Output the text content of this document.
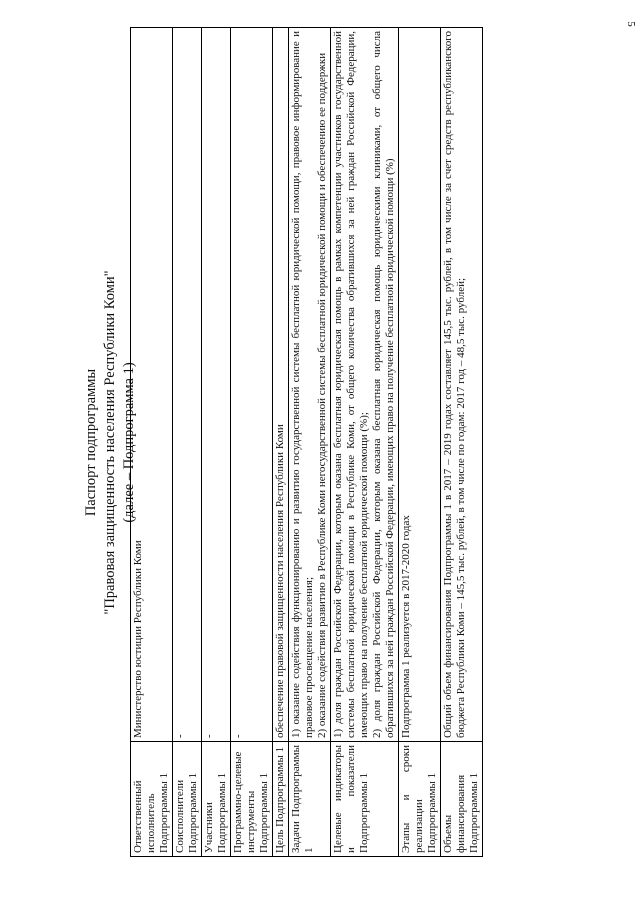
5
Паспорт подпрограммы "Правовая защищенность населения Республики Коми" (далее – Подпрограмма 1)
Ответственный исполнитель Подпрограммы 1	Министерство юстиции Республики Коми

Соисполнители Подпрограммы 1	-

Участники Подпрограммы 1	-

Программно-целевые инструменты Подпрограммы 1	-

Цель Подпрограммы 1	обеспечение правовой защищенности населения Республики Коми

Задачи Подпрограммы 1	1) оказание содействия функционированию и развитию государственной системы бесплатной юридической помощи, правовое информирование и правовое просвещение населения; 2) оказание содействия развитию в Республике Коми негосударственной системы бесплатной юридической помощи и обеспечению ее поддержки

Целевые индикаторы и показатели Подпрограммы 1	1) доля граждан Российской Федерации, которым оказана бесплатная юридическая помощь в рамках компетенции участников государственной системы бесплатной юридической помощи в Республике Коми, от общего количества обратившихся за ней граждан Российской Федерации, имеющих право на получение бесплатной юридической помощи (%); 2) доля граждан Российской Федерации, которым оказана бесплатная юридическая помощь юридическими клиниками, от общего числа обратившихся за ней граждан Российской Федерации, имеющих право на получение бесплатной юридической помощи (%)

Этапы и сроки реализации Подпрограммы 1	Подпрограмма 1 реализуется в 2017-2020 годах

Объемы финансирования Подпрограммы 1	Общий объем финансирования Подпрограммы 1 в 2017 – 2019 годах составляет 145,5 тыс. рублей, в том числе за счет средств республиканского бюджета Республики Коми – 145,5 тыс. рублей, в том числе по годам: 2017 год – 48,5 тыс. рублей;
